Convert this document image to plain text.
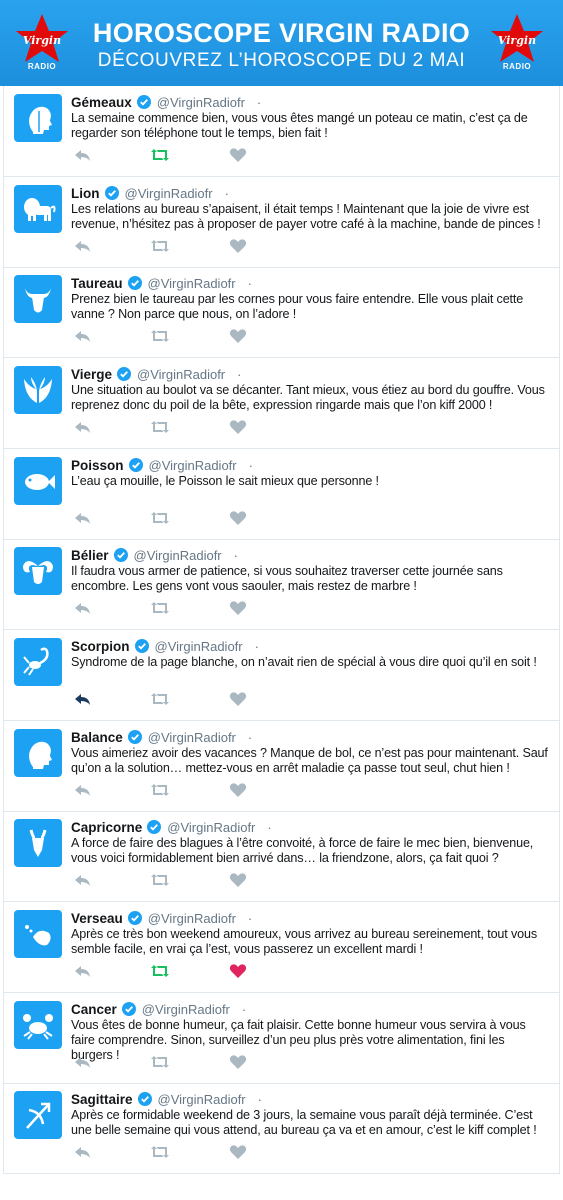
Virgin
RADIO
HOROSCOPE VIRGIN RADIO
DÉCOUVREZ L’HOROSCOPE DU 2 MAI
Virgin
RADIO
Gémeaux @VirginRadiofr ·
La semaine commence bien, vous vous êtes mangé un poteau ce matin, c’est ça de regarder son téléphone tout le temps, bien fait !
Lion @VirginRadiofr ·
Les relations au bureau s’apaisent, il était temps ! Maintenant que la joie de vivre est revenue, n’hésitez pas à proposer de payer votre café à la machine, bande de pinces !
Taureau @VirginRadiofr ·
Prenez bien le taureau par les cornes pour vous faire entendre. Elle vous plait cette vanne ? Non parce que nous, on l’adore !
Vierge @VirginRadiofr ·
Une situation au boulot va se décanter. Tant mieux, vous étiez au bord du gouffre. Vous reprenez donc du poil de la bête, expression ringarde mais que l’on kiff 2000 !
Poisson @VirginRadiofr ·
L’eau ça mouille, le Poisson le sait mieux que personne !
Bélier @VirginRadiofr ·
Il faudra vous armer de patience, si vous souhaitez traverser cette journée sans encombre. Les gens vont vous saouler, mais restez de marbre !
Scorpion @VirginRadiofr ·
Syndrome de la page blanche, on n’avait rien de spécial à vous dire quoi qu’il en soit !
Balance @VirginRadiofr ·
Vous aimeriez avoir des vacances ? Manque de bol, ce n’est pas pour maintenant. Sauf qu’on a la solution… mettez-vous en arrêt maladie ça passe tout seul, chut hien !
Capricorne @VirginRadiofr ·
A force de faire des blagues à l’être convoité, à force de faire le mec bien, bienvenue, vous voici formidablement bien arrivé dans… la friendzone, alors, ça fait quoi ?
Verseau @VirginRadiofr ·
Après ce très bon weekend amoureux, vous arrivez au bureau sereinement, tout vous semble facile, en vrai ça l’est, vous passerez un excellent mardi !
Cancer @VirginRadiofr ·
Vous êtes de bonne humeur, ça fait plaisir. Cette bonne humeur vous servira à vous faire comprendre. Sinon, surveillez d’un peu plus près votre alimentation, fini les burgers !
Sagittaire @VirginRadiofr ·
Après ce formidable weekend de 3 jours, la semaine vous paraît déjà terminée. C’est une belle semaine qui vous attend, au bureau ça va et en amour, c’est le kiff complet !
